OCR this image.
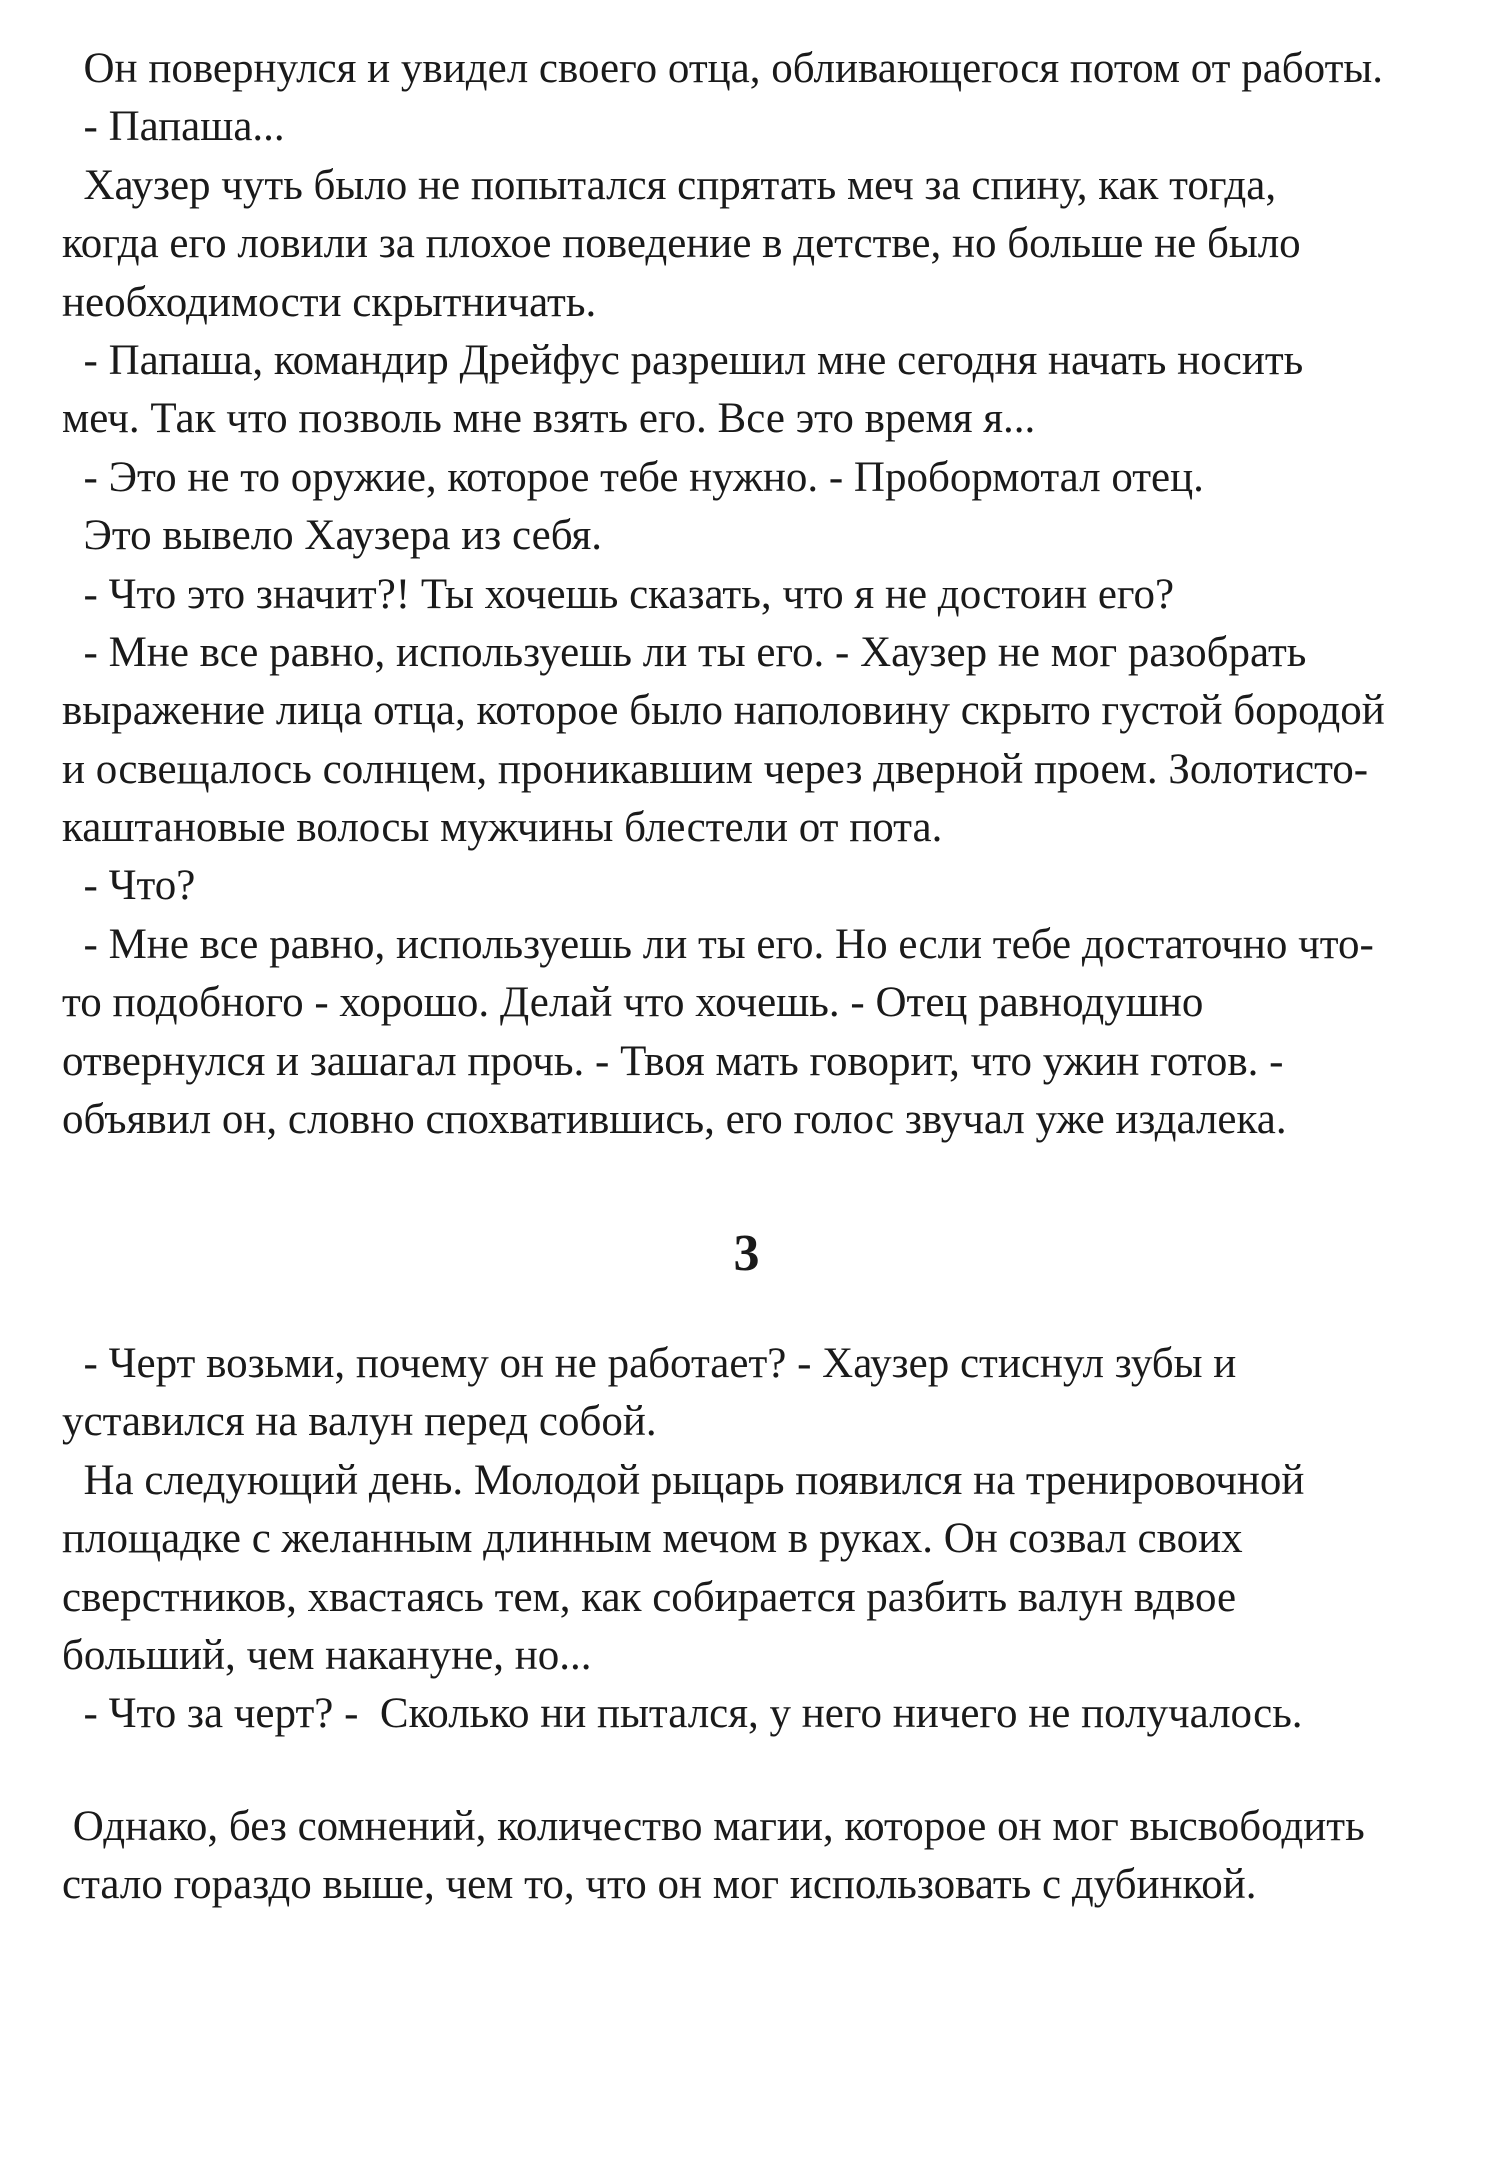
Он повернулся и увидел своего отца, обливающегося потом от работы.
- Папаша...
Хаузер чуть было не попытался спрятать меч за спину, как тогда,
когда его ловили за плохое поведение в детстве, но больше не было
необходимости скрытничать.
- Папаша, командир Дрейфус разрешил мне сегодня начать носить
меч. Так что позволь мне взять его. Все это время я...
- Это не то оружие, которое тебе нужно. - Пробормотал отец.
Это вывело Хаузера из себя.
- Что это значит?! Ты хочешь сказать, что я не достоин его?
- Мне все равно, используешь ли ты его. - Хаузер не мог разобрать
выражение лица отца, которое было наполовину скрыто густой бородой
и освещалось солнцем, проникавшим через дверной проем. Золотисто-
каштановые волосы мужчины блестели от пота.
- Что?
- Мне все равно, используешь ли ты его. Но если тебе достаточно что-
то подобного - хорошо. Делай что хочешь. - Отец равнодушно
отвернулся и зашагал прочь. - Твоя мать говорит, что ужин готов. -
объявил он, словно спохватившись, его голос звучал уже издалека.
3
- Черт возьми, почему он не работает? - Хаузер стиснул зубы и
уставился на валун перед собой.
На следующий день. Молодой рыцарь появился на тренировочной
площадке с желанным длинным мечом в руках. Он созвал своих
сверстников, хвастаясь тем, как собирается разбить валун вдвое
больший, чем накануне, но...
- Что за черт? -  Сколько ни пытался, у него ничего не получалось.
Однако, без сомнений, количество магии, которое он мог высвободить
стало гораздо выше, чем то, что он мог использовать с дубинкой.
